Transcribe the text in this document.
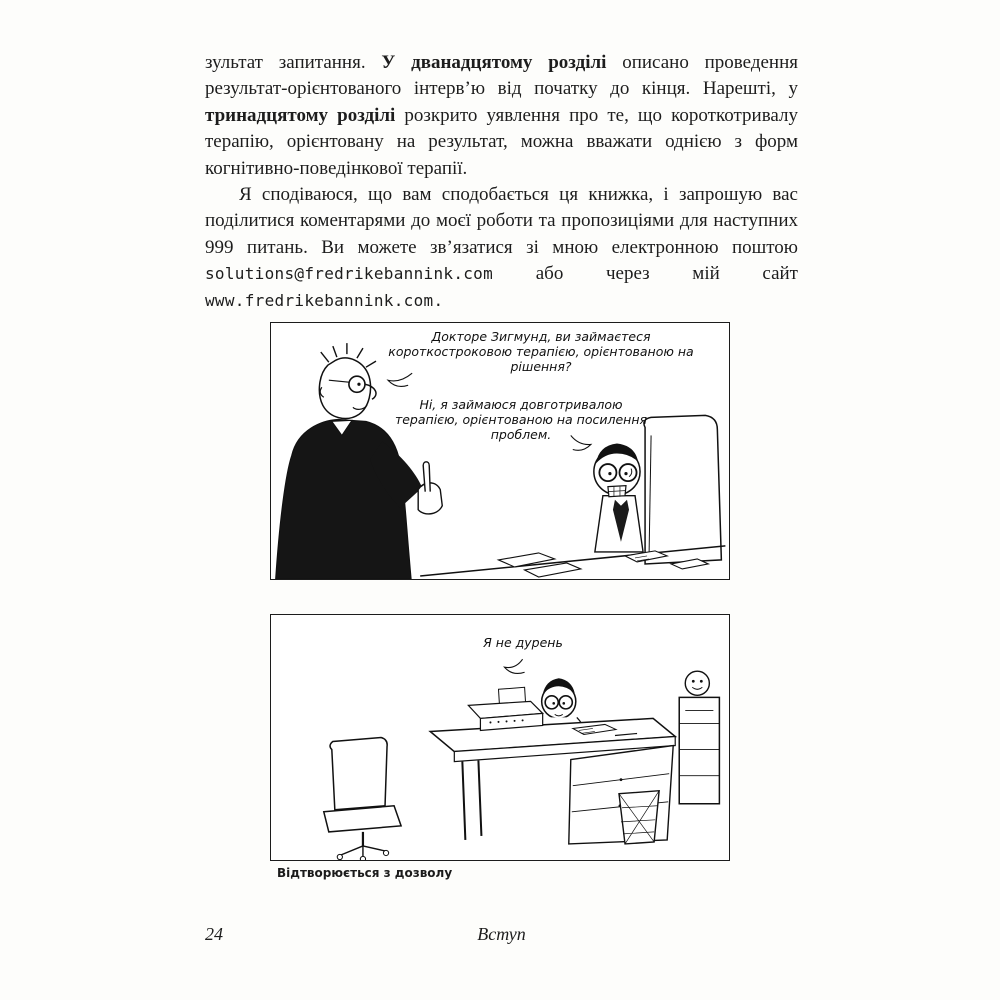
зультат запитання. У дванадцятому розділі описано проведення результат-орієнтованого інтерв’ю від початку до кінця. Нарешті, у тринадцятому розділі розкрито уявлення про те, що короткотривалу терапію, орієнтовану на результат, можна вважати однією з форм когнітивно-поведінкової терапії.

Я сподіваюся, що вам сподобається ця книжка, і запрошую вас поділитися коментарями до моєї роботи та пропозиціями для наступних 999 питань. Ви можете зв’язатися зі мною електронною поштою solutions@fredrikebannink.com або через мій сайт www.fredrikebannink.com.

Докторе Зигмунд, ви займаєтеся короткостроковою терапією, орієнтованою на рішення?
Ні, я займаюся довготривалою терапією, орієнтованою на посилення проблем.
Я не дурень
Відтворюється з дозволу
24	Вступ
